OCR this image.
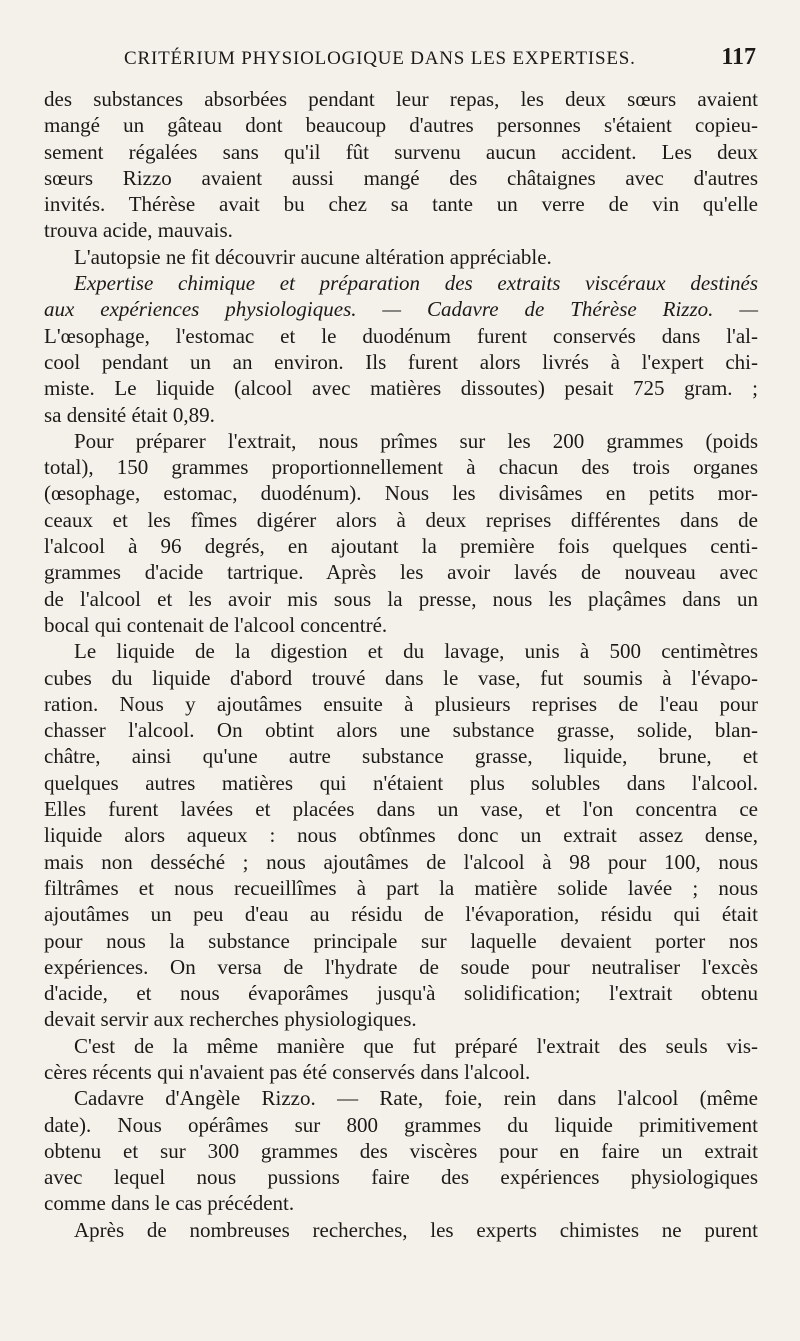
CRITÉRIUM PHYSIOLOGIQUE DANS LES EXPERTISES.	117
des substances absorbées pendant leur repas, les deux sœurs avaient
mangé un gâteau dont beaucoup d'autres personnes s'étaient copieu-
sement régalées sans qu'il fût survenu aucun accident. Les deux
sœurs Rizzo avaient aussi mangé des châtaignes avec d'autres
invités. Thérèse avait bu chez sa tante un verre de vin qu'elle
trouva acide, mauvais.
L'autopsie ne fit découvrir aucune altération appréciable.
Expertise chimique et préparation des extraits viscéraux destinés
aux expériences physiologiques. — Cadavre de Thérèse Rizzo. —
L'œsophage, l'estomac et le duodénum furent conservés dans l'al-
cool pendant un an environ. Ils furent alors livrés à l'expert chi-
miste. Le liquide (alcool avec matières dissoutes) pesait 725 gram. ;
sa densité était 0,89.
Pour préparer l'extrait, nous prîmes sur les 200 grammes (poids
total), 150 grammes proportionnellement à chacun des trois organes
(œsophage, estomac, duodénum). Nous les divisâmes en petits mor-
ceaux et les fîmes digérer alors à deux reprises différentes dans de
l'alcool à 96 degrés, en ajoutant la première fois quelques centi-
grammes d'acide tartrique. Après les avoir lavés de nouveau avec
de l'alcool et les avoir mis sous la presse, nous les plaçâmes dans un
bocal qui contenait de l'alcool concentré.
Le liquide de la digestion et du lavage, unis à 500 centimètres
cubes du liquide d'abord trouvé dans le vase, fut soumis à l'évapo-
ration. Nous y ajoutâmes ensuite à plusieurs reprises de l'eau pour
chasser l'alcool. On obtint alors une substance grasse, solide, blan-
châtre, ainsi qu'une autre substance grasse, liquide, brune, et
quelques autres matières qui n'étaient plus solubles dans l'alcool.
Elles furent lavées et placées dans un vase, et l'on concentra ce
liquide alors aqueux : nous obtînmes donc un extrait assez dense,
mais non desséché ; nous ajoutâmes de l'alcool à 98 pour 100, nous
filtrâmes et nous recueillîmes à part la matière solide lavée ; nous
ajoutâmes un peu d'eau au résidu de l'évaporation, résidu qui était
pour nous la substance principale sur laquelle devaient porter nos
expériences. On versa de l'hydrate de soude pour neutraliser l'excès
d'acide, et nous évaporâmes jusqu'à solidification; l'extrait obtenu
devait servir aux recherches physiologiques.
C'est de la même manière que fut préparé l'extrait des seuls vis-
cères récents qui n'avaient pas été conservés dans l'alcool.
Cadavre d'Angèle Rizzo. — Rate, foie, rein dans l'alcool (même
date). Nous opérâmes sur 800 grammes du liquide primitivement
obtenu et sur 300 grammes des viscères pour en faire un extrait
avec lequel nous pussions faire des expériences physiologiques
comme dans le cas précédent.
Après de nombreuses recherches, les experts chimistes ne purent
